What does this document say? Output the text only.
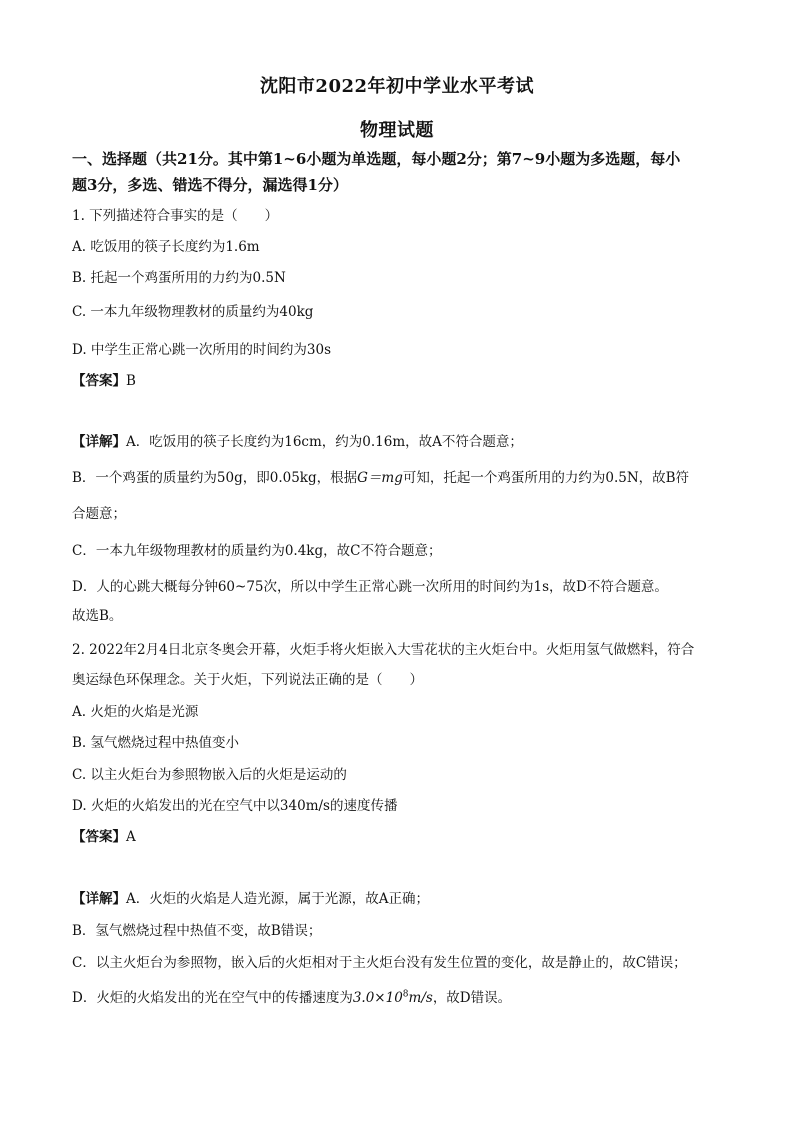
沈阳市2022年初中学业水平考试
物理试题
一、选择题（共21分。其中第1~6小题为单选题，每小题2分；第7~9小题为多选题，每小
题3分，多选、错选不得分，漏选得1分）
1. 下列描述符合事实的是（　　）
A. 吃饭用的筷子长度约为1.6m
B. 托起一个鸡蛋所用的力约为0.5N
C. 一本九年级物理教材的质量约为40kg
D. 中学生正常心跳一次所用的时间约为30s
【答案】B
【详解】A．吃饭用的筷子长度约为16cm，约为0.16m，故A不符合题意；
B．一个鸡蛋的质量约为50g，即0.05kg，根据G＝mg可知，托起一个鸡蛋所用的力约为0.5N，故B符
合题意；
C．一本九年级物理教材的质量约为0.4kg，故C不符合题意；
D．人的心跳大概每分钟60~75次，所以中学生正常心跳一次所用的时间约为1s，故D不符合题意。
故选B。
2. 2022年2月4日北京冬奥会开幕，火炬手将火炬嵌入大雪花状的主火炬台中。火炬用氢气做燃料，符合
奥运绿色环保理念。关于火炬，下列说法正确的是（　　）
A. 火炬的火焰是光源
B. 氢气燃烧过程中热值变小
C. 以主火炬台为参照物嵌入后的火炬是运动的
D. 火炬的火焰发出的光在空气中以340m/s的速度传播
【答案】A
【详解】A．火炬的火焰是人造光源，属于光源，故A正确；
B．氢气燃烧过程中热值不变，故B错误；
C．以主火炬台为参照物，嵌入后的火炬相对于主火炬台没有发生位置的变化，故是静止的，故C错误；
D．火炬的火焰发出的光在空气中的传播速度为$3.0\times 10^8m/s$，故D错误。
